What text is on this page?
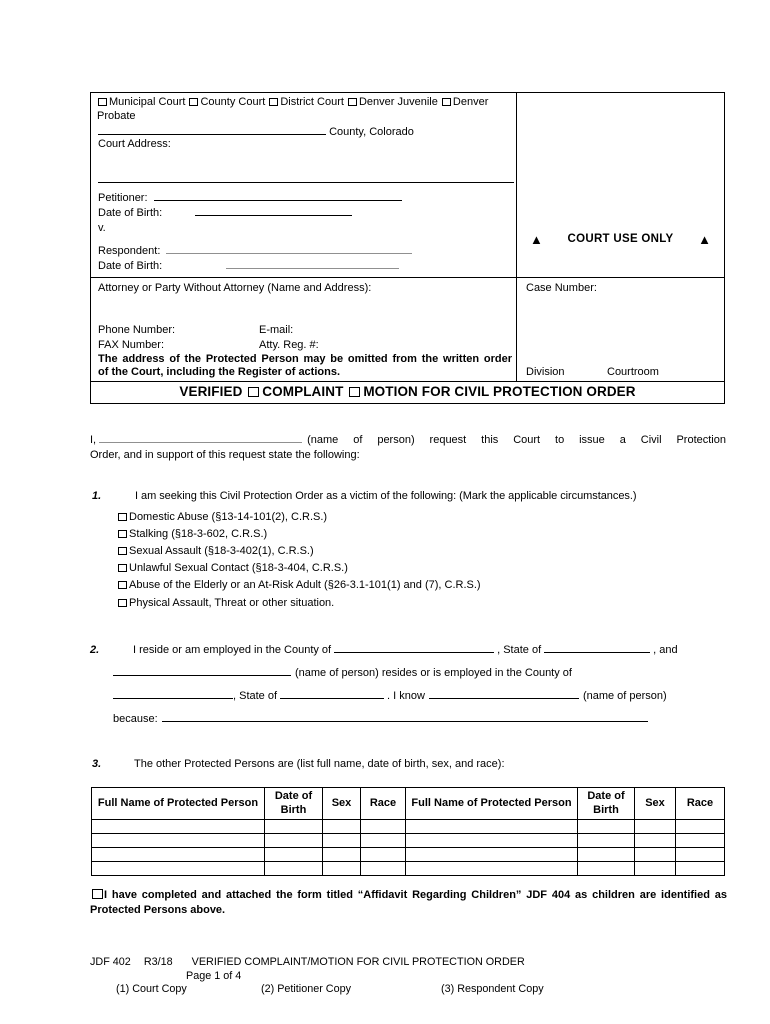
Municipal Court County Court District Court Denver Juvenile Denver Probate
County, Colorado
Court Address:
Petitioner:
Date of Birth:
v.
Respondent:
Date of Birth:
▲ COURT USE ONLY ▲
Attorney or Party Without Attorney (Name and Address):
Phone Number:	E-mail:
FAX Number:	Atty. Reg. #:
The address of the Protected Person may be omitted from the written order
of the Court, including the Register of actions.
Case Number:
Division	Courtroom
VERIFIED COMPLAINT MOTION FOR CIVIL PROTECTION ORDER
I,	(name of person) request this Court to issue a Civil Protection
Order, and in support of this request state the following:
1.	I am seeking this Civil Protection Order as a victim of the following: (Mark the applicable circumstances.)
Domestic Abuse (§13-14-101(2), C.R.S.)
Stalking (§18-3-602, C.R.S.)
Sexual Assault (§18-3-402(1), C.R.S.)
Unlawful Sexual Contact (§18-3-404, C.R.S.)
Abuse of the Elderly or an At-Risk Adult (§26-3.1-101(1) and (7), C.R.S.)
Physical Assault, Threat or other situation.
2.	I reside or am employed in the County of	, State of	, and
(name of person) resides or is employed in the County of
, State of	. I know	(name of person)
because:
3.	The other Protected Persons are (list full name, date of birth, sex, and race):
Full Name of Protected Person	Date of Birth	Sex	Race	Full Name of Protected Person	Date of Birth	Sex	Race

I have completed and attached the form titled “Affidavit Regarding Children” JDF 404 as children are identified as Protected Persons above.
JDF 402 R3/18 VERIFIED COMPLAINT/MOTION FOR CIVIL PROTECTION ORDER
Page 1 of 4
(1) Court Copy	(2) Petitioner Copy	(3) Respondent Copy
